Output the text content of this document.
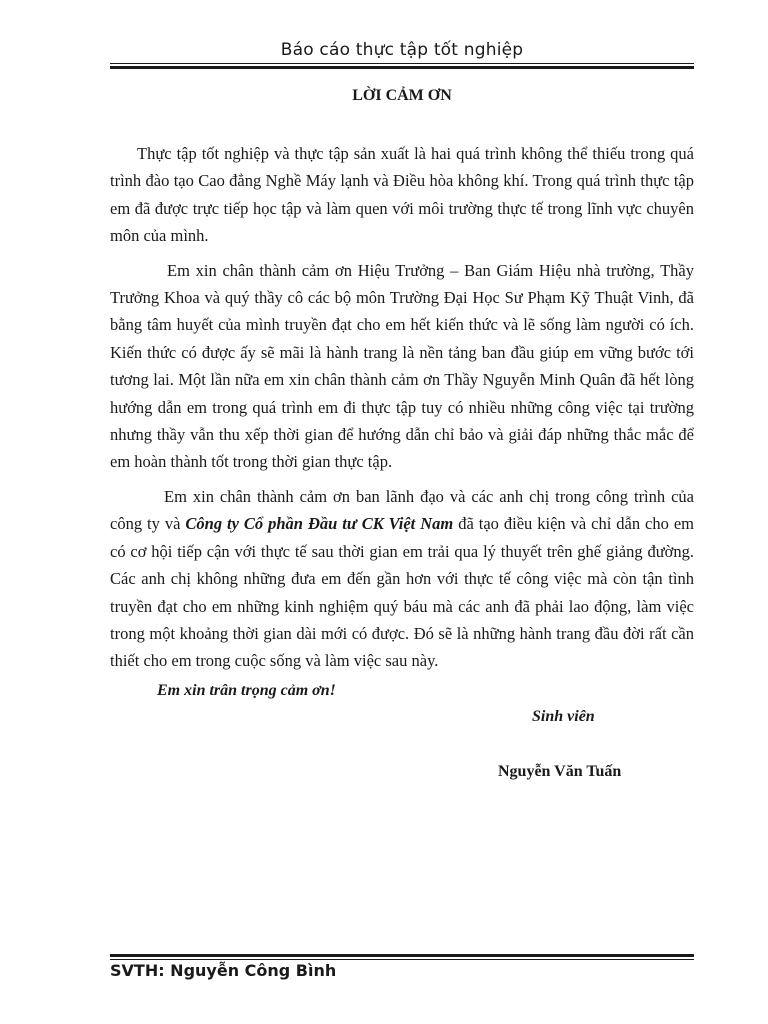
Báo cáo thực tập tốt nghiệp
LỜI CẢM ƠN

Thực tập tốt nghiệp và thực tập sản xuất là hai quá trình không thể thiếu trong quá trình đào tạo Cao đẳng Nghề Máy lạnh và Điều hòa không khí. Trong quá trình thực tập em đã được trực tiếp học tập và làm quen với môi trường thực tế trong lĩnh vực chuyên môn của mình.

Em xin chân thành cảm ơn Hiệu Trưởng – Ban Giám Hiệu nhà trường, Thầy Trưởng Khoa và quý thầy cô các bộ môn Trường Đại Học Sư Phạm Kỹ Thuật Vinh, đã bằng tâm huyết của mình truyền đạt cho em hết kiến thức và lẽ sống làm người có ích. Kiến thức có được ấy sẽ mãi là hành trang là nền tảng ban đầu giúp em vững bước tới tương lai. Một lần nữa em xin chân thành cảm ơn Thầy Nguyễn Minh Quân đã hết lòng hướng dẫn em trong quá trình em đi thực tập tuy có nhiều những công việc tại trường nhưng thầy vẫn thu xếp thời gian để hướng dẫn chỉ bảo và giải đáp những thắc mắc để em hoàn thành tốt trong thời gian thực tập.

Em xin chân thành cảm ơn ban lãnh đạo và các anh chị trong công trình của công ty và Công ty Cổ phần Đầu tư CK Việt Nam đã tạo điều kiện và chỉ dẫn cho em có cơ hội tiếp cận với thực tế sau thời gian em trải qua lý thuyết trên ghế giảng đường. Các anh chị không những đưa em đến gần hơn với thực tế công việc mà còn tận tình truyền đạt cho em những kinh nghiệm quý báu mà các anh đã phải lao động, làm việc trong một khoảng thời gian dài mới có được. Đó sẽ là những hành trang đầu đời rất cần thiết cho em trong cuộc sống và làm việc sau này.

Em xin trân trọng cảm ơn!
Sinh viên
Nguyễn Văn Tuấn
SVTH: Nguyễn Công Bình
